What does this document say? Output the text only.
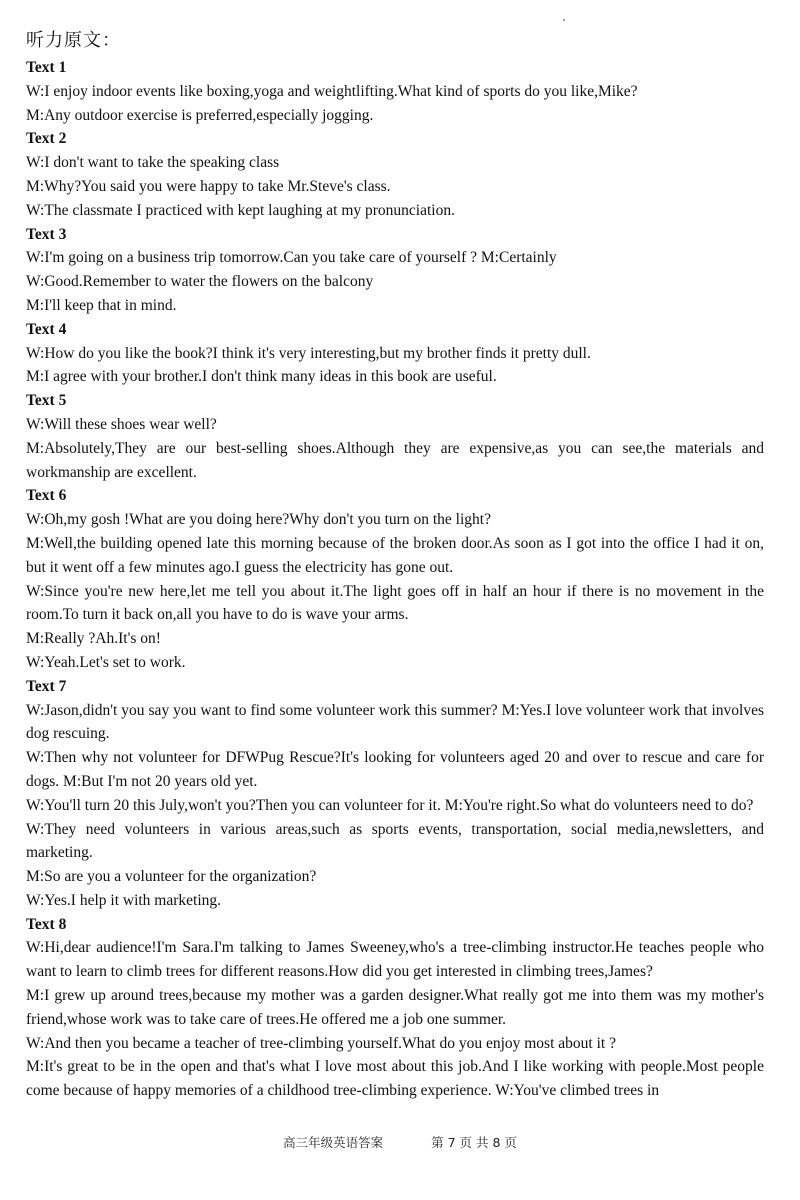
听力原文：
Text 1

W:I enjoy indoor events like boxing,yoga and weightlifting.What kind of sports do you like,Mike?

M:Any outdoor exercise is preferred,especially jogging.

Text 2

W:I don't want to take the speaking class

M:Why?You said you were happy to take Mr.Steve's class.

W:The classmate I practiced with kept laughing at my pronunciation.

Text 3

W:I'm going on a business trip tomorrow.Can you take care of yourself ? M:Certainly

W:Good.Remember to water the flowers on the balcony

M:I'll keep that in mind.

Text 4

W:How do you like the book?I think it's very interesting,but my brother finds it pretty dull.

M:I agree with your brother.I don't think many ideas in this book are useful.

Text 5

W:Will these shoes wear well?

M:Absolutely,They are our best-selling shoes.Although they are expensive,as you can see,the materials and workmanship are excellent.

Text 6

W:Oh,my gosh !What are you doing here?Why don't you turn on the light?

M:Well,the building opened late this morning because of the broken door.As soon as I got into the office I had it on, but it went off a few minutes ago.I guess the electricity has gone out.

W:Since you're new here,let me tell you about it.The light goes off in half an hour if there is no movement in the room.To turn it back on,all you have to do is wave your arms.

M:Really ?Ah.It's on!

W:Yeah.Let's set to work.

Text 7

W:Jason,didn't you say you want to find some volunteer work this summer? M:Yes.I love volunteer work that involves dog rescuing.

W:Then why not volunteer for DFWPug Rescue?It's looking for volunteers aged 20 and over to rescue and care for dogs. M:But I'm not 20 years old yet.

W:You'll turn 20 this July,won't you?Then you can volunteer for it. M:You're right.So what do volunteers need to do?

W:They need volunteers in various areas,such as sports events, transportation, social media,newsletters, and marketing.

M:So are you a volunteer for the organization?

W:Yes.I help it with marketing.

Text 8

W:Hi,dear audience!I'm Sara.I'm talking to James Sweeney,who's a tree-climbing instructor.He teaches people who want to learn to climb trees for different reasons.How did you get interested in climbing trees,James?

M:I grew up around trees,because my mother was a garden designer.What really got me into them was my mother's friend,whose work was to take care of trees.He offered me a job one summer.

W:And then you became a teacher of tree-climbing yourself.What do you enjoy most about it ?

M:It's great to be in the open and that's what I love most about this job.And I like working with people.Most people come because of happy memories of a childhood tree-climbing experience. W:You've climbed trees in

高三年级英语答案	第 7 页 共 8 页
